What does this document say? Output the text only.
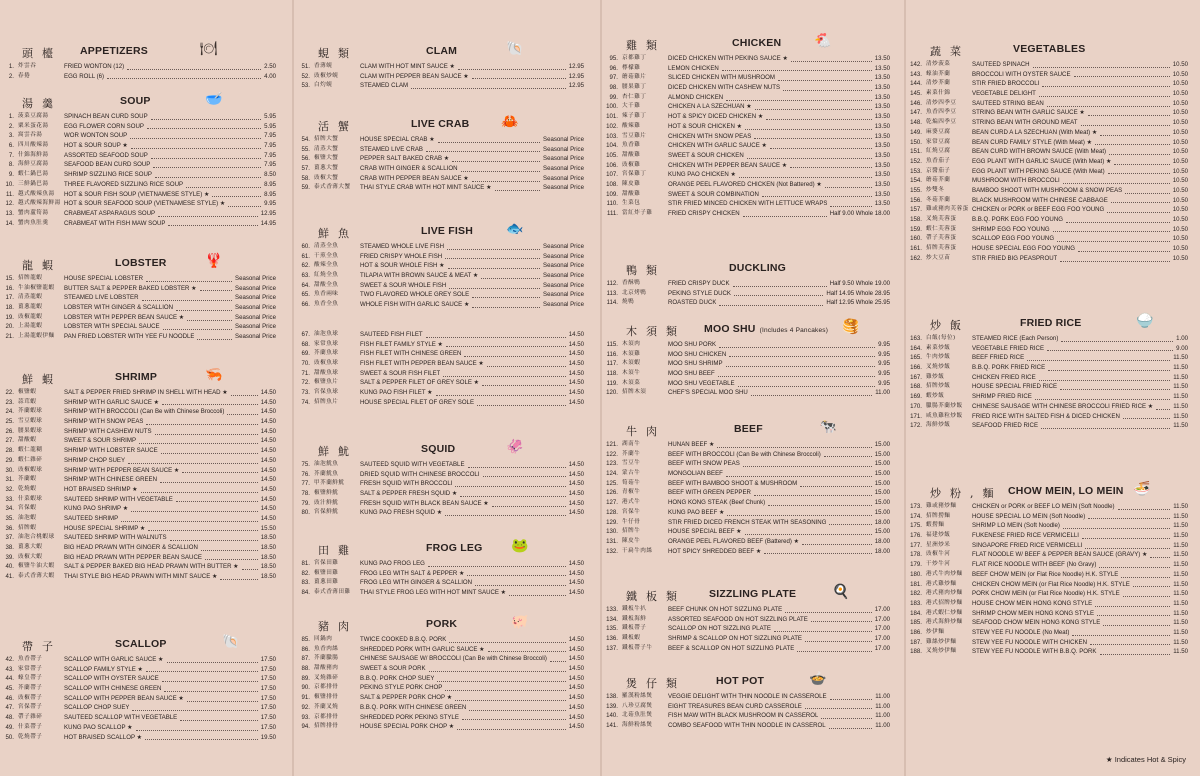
頭檯 APPETIZERS	🍽
1. 炸雲吞	FRIED WONTON (12)	2.50
2. 春捲	EGG ROLL (6)	4.00
湯羹	SOUP	🥣
1. 菠菜豆腐湯	SPINACH BEAN CURD SOUP	5.95
2. 粟米蛋花湯	EGG FLOWER CORN SOUP	5.95
3. 窩雲吞湯	WOR WONTON SOUP	7.95
6. 四川酸辣湯	HOT & SOUR SOUP ★	7.95
7. 什錦海鮮湯	ASSORTED SEAFOOD SOUP	7.95
8. 海鮮豆腐湯	SEAFOOD BEAN CURD SOUP	7.95
9. 蝦仁鍋巴湯	SHRIMP SIZZLING RICE SOUP	8.50
10. 三鮮鍋巴湯	THREE FLAVORED SIZZLING RICE SOUP	8.95
11. 越式酸辣魚湯	HOT & SOUR FISH SOUP (VIETNAMESE STYLE) ★	8.95
12. 越式酸辣海鮮湯 HOT & SOUR SEAFOOD SOUP (VIETNAMESE STYLE) ★	9.95
13. 蟹肉蘆筍湯	CRABMEAT ASPARAGUS SOUP	12.95
14. 蟹肉魚肚羹	CRABMEAT WITH FISH MAW SOUP	14.95
龍蝦	LOBSTER	🦞
15. 招牌龍蝦	HOUSE SPECIAL LOBSTER	Seasonal Price
16. 牛油椒鹽龍蝦	BUTTER SALT & PEPPER BAKED LOBSTER ★	Seasonal Price
17. 清蒸龍蝦	STEAMED LIVE LOBSTER	Seasonal Price
18. 薑葱龍蝦	LOBSTER WITH GINGER & SCALLION	Seasonal Price
19. 豉椒龍蝦	LOBSTER WITH PEPPER BEAN SAUCE ★	Seasonal Price
20. 上湯龍蝦	LOBSTER WITH SPECIAL SAUCE	Seasonal Price
21. 上湯龍蝦伊麵	PAN FRIED LOBSTER WITH YEE FU NOODLE	Seasonal Price
鮮蝦	SHRIMP	🦐
22. 椒鹽蝦	SALT & PEPPER FRIED SHRIMP IN SHELL WITH HEAD ★	14.50
23. 蒜茸蝦	SHRIMP WITH GARLIC SAUCE ★	14.50
24. 芥蘭蝦球	SHRIMP WITH BROCCOLI (Can Be with Chinese Broccoli)	14.50
25. 雪豆蝦球	SHRIMP WITH SNOW PEAS	14.50
26. 腰果蝦球	SHRIMP WITH CASHEW NUTS	14.50
27. 甜酸蝦	SWEET & SOUR SHRIMP	14.50
28. 蝦仁龍糊	SHRIMP WITH LOBSTER SAUCE	14.50
29. 蝦仁雜碎	SHRIMP CHOP SUEY	14.50
30. 豉椒蝦球	SHRIMP WITH PEPPER BEAN SAUCE ★	14.50
31. 芥蘭蝦	SHRIMP WITH CHINESE GREEN	14.50
32. 乾燒蝦	HOT BRAISED SHRIMP ★	14.50
33. 什菜蝦球	SAUTEED SHRIMP WITH VEGETABLE	14.50
34. 宮保蝦	KUNG PAO SHRIMP ★	14.50
35. 油泡蝦	SAUTEED SHRIMP	14.50
36. 招牌蝦	HOUSE SPECIAL SHRIMP ★	15.50
37. 油泡合桃蝦球	SAUTEED SHRIMP WITH WALNUTS	18.50
38. 薑葱大蝦	BIG HEAD PRAWN WITH GINGER & SCALLION	18.50
39. 豉椒大蝦	BIG HEAD PRAWN WITH PEPPER BEAN SAUCE	18.50
40. 椒鹽牛油大蝦	SALT & PEPPER BAKED BIG HEAD PRAWN WITH BUTTER ★	18.50
41. 泰式香薄大蝦	THAI STYLE BIG HEAD PRAWN WITH MINT SAUCE ★	18.50
帶子	SCALLOP	🐚
42. 魚香帶子	SCALLOP WITH GARLIC SAUCE ★	17.50
43. 家常帶子	SCALLOP FAMILY STYLE ★	17.50
44. 蠔皇帶子	SCALLOP WITH OYSTER SAUCE	17.50
45. 芥蘭帶子	SCALLOP WITH CHINESE GREEN	17.50
46. 豉椒帶子	SCALLOP WITH PEPPER BEAN SAUCE ★	17.50
47. 宮保帶子	SCALLOP CHOP SUEY	17.50
48. 帶子雜碎	SAUTEED SCALLOP WITH VEGETABLE	17.50
49. 什菜帶子	KUNG PAO SCALLOP ★	17.50
50. 乾燒帶子	HOT BRAISED SCALLOP ★	19.50
蜆類	CLAM	🐚
51. 香薄蜆	CLAM WITH HOT MINT SAUCE ★	12.95
52. 豉椒炒蜆	CLAM WITH PEPPER BEAN SAUCE ★	12.95
53. 白灼蜆	STEAMED CLAM	12.95
活蟹	LIVE CRAB 🦀
54. 招牌大蟹	HOUSE SPECIAL CRAB ★	Seasonal Price
55. 清蒸大蟹	STEAMED LIVE CRAB	Seasonal Price
56. 椒鹽大蟹	PEPPER SALT BAKED CRAB ★	Seasonal Price
57. 薑葱大蟹	CRAB WITH GINGER & SCALLION	Seasonal Price
58. 豉椒大蟹	CRAB WITH PEPPER BEAN SAUCE ★	Seasonal Price
59. 泰式香薄大蟹	THAI STYLE CRAB WITH HOT MINT SAUCE ★	Seasonal Price
鮮魚	LIVE FISH 🐟
60. 清蒸全魚	STEAMED WHOLE LIVE FISH	Seasonal Price
61. 干煎全魚	FRIED CRISPY WHOLE FISH	Seasonal Price
62. 酸辣全魚	HOT & SOUR WHOLE FISH ★	Seasonal Price
63. 紅燒全魚	TILAPIA WITH BROWN SAUCE & MEAT ★	Seasonal Price
64. 甜酸全魚	SWEET & SOUR WHOLE FISH	Seasonal Price
65. 魚香兩味	TWO FLAVORED WHOLE GREY SOLE	Seasonal Price
66. 魚香全魚	WHOLE FISH WITH GARLIC SAUCE ★	Seasonal Price
67. 油泡魚球	SAUTEED FISH FILET	14.50
68. 家常魚球	FISH FILET FAMILY STYLE ★	14.50
69. 芥蘭魚球	FISH FILET WITH CHINESE GREEN	14.50
70. 豉椒魚球	FISH FILET WITH PEPPER BEAN SAUCE ★	14.50
71. 甜酸魚球	SWEET & SOUR FISH FILET	14.50
72. 椒鹽魚片	SALT & PEPPER FILET OF GREY SOLE ★	14.50
73. 宮保魚球	KUNG PAO FISH FILET ★	14.50
74. 招牌魚片	HOUSE SPECIAL FILET OF GREY SOLE	14.50
鮮魷	SQUID	🦑
75. 油泡魷魚	SAUTEED SQUID WITH VEGETABLE	14.50
76. 芥蘭魷魚	DRIED SQUID WITH CHINESE BROCCOLI	14.50
77. 甲芥蘭鮮魷	FRESH SQUID WITH BROCCOLI	14.50
78. 椒鹽鮮魷	SALT & PEPPER FRESH SQUID ★	14.50
79. 豉汁鮮魷	FRESH SQUID WITH BLACK BEAN SAUCE ★	14.50
80. 宮保鮮魷	KUNG PAO FRESH SQUID ★	14.50
田雞	FROG LEG 🐸
81. 宮保田雞	KUNG PAO FROG LEG	14.50
82. 椒鹽田雞	FROG LEG WITH SALT & PEPPER ★	14.50
83. 薑葱田雞	FROG LEG WITH GINGER & SCALLION	14.50
84. 泰式香薄田雞	THAI STYLE FROG LEG WITH HOT MINT SAUCE ★	14.50
豬肉	PORK	🐖
85. 回鍋肉	TWICE COOKED B.B.Q. PORK	14.50
86. 魚香肉絲	SHREDDED PORK WITH GARLIC SAUCE ★	14.50
87. 芥蘭臘腸	CHINESE SAUSAGE W/ BROCCOLI (Can Be with Chinese Broccoli)	14.50
88. 甜酸豬肉	SWEET & SOUR PORK	14.50
89. 叉燒雜碎	B.B.Q. PORK CHOP SUEY	14.50
90. 京都排骨	PEKING STYLE PORK CHOP	14.50
91. 椒鹽排骨	SALT & PEPPER PORK CHOP ★	14.50
92. 芥蘭叉燒	B.B.Q. PORK WITH CHINESE GREEN	14.50
93. 京都排骨	SHREDDED PORK PEKING STYLE	14.50
94. 招牌排骨	HOUSE SPECIAL PORK CHOP ★	14.50
雞類	CHICKEN 🐔
95. 京都雞丁	DICED CHICKEN WITH PEKING SAUCE ★	13.50
96. 檸檬雞	LEMON CHICKEN	13.50
97. 蘑菇雞片	SLICED CHICKEN WITH MUSHROOM	13.50
98. 腰果雞丁	DICED CHICKEN WITH CASHEW NUTS	13.50
99. 杏仁雞丁	ALMOND CHICKEN	13.50
100. 大千雞	CHICKEN A LA SZECHUAN ★	13.50
101. 辣子雞丁	HOT & SPICY DICED CHICKEN ★	13.50
102. 酸辣雞	HOT & SOUR CHICKEN ★	13.50
103. 雪豆雞片	CHICKEN WITH SNOW PEAS	13.50
104. 魚香雞	CHICKEN WITH GARLIC SAUCE ★	13.50
105. 甜酸雞	SWEET & SOUR CHICKEN	13.50
106. 豉椒雞	CHICKEN WITH PEPPER BEAN SAUCE ★	13.50
107. 宮保雞丁	KUNG PAO CHICKEN ★	13.50
108. 陳皮雞	ORANGE PEEL FLAVORED CHICKEN (Not Battered) ★	13.50
109. 甜酸雞	SWEET & SOUR COMBINATION	13.50
110. 生菜包	STIR FRIED MINCED CHICKEN WITH LETTUCE WRAPS	13.50
111. 當紅炸子雞	FRIED CRISPY CHICKEN	Half 9.00 Whole 18.00
鴨類	DUCKLING
112. 香酥鴨	FRIED CRISPY DUCK	Half 9.50 Whole 19.00
113. 北京烤鴨	PEKING STYLE DUCK	Half 14.95 Whole 28.95
114. 燒鴨	ROASTED DUCK	Half 12.95 Whole 25.95
木須類 MOO SHU (Includes 4 Pancakes) 🥞
115. 木須肉	MOO SHU PORK	9.95
116. 木須雞	MOO SHU CHICKEN	9.95
117. 木須蝦	MOO SHU SHRIMP	9.95
118. 木須牛	MOO SHU BEEF	9.95
119. 木須菜	MOO SHU VEGETABLE	9.95
120. 招牌木須	CHEF'S SPECIAL MOO SHU	11.00
牛肉	BEEF	🐄
121. 湖南牛	HUNAN BEEF ★	15.00
122. 芥蘭牛	BEEF WITH BROCCOLI (Can Be with Chinese Broccoli)	15.00
123. 雪豆牛	BEEF WITH SNOW PEAS	15.00
124. 蒙古牛	MONGOLIAN BEEF	15.00
125. 筍菇牛	BEEF WITH BAMBOO SHOOT & MUSHROOM	15.00
126. 青椒牛	BEEF WITH GREEN PEPPER	15.00
127. 港式牛	HONG KONG STEAK (Beef Chunk)	15.00
128. 宮保牛	KUNG PAO BEEF ★	15.00
129. 牛仔骨	STIR FRIED DICED FRENCH STEAK WITH SEASONING	18.00
130. 招牌牛	HOUSE SPECIAL BEEF ★	15.00
131. 陳皮牛	ORANGE PEEL FLAVORED BEEF (Battered) ★	18.00
132. 干扁牛肉絲	HOT SPICY SHREDDED BEEF ★	18.00
鐵板類 SIZZLING PLATE	🍳
133. 鐵板牛扒	BEEF CHUNK ON HOT SIZZLING PLATE	17.00
134. 鐵板海鮮	ASSORTED SEAFOOD ON HOT SIZZLING PLATE	17.00
135. 鐵板帶子	SCALLOP ON HOT SIZZLING PLATE	17.00
136. 鐵板蝦	SHRIMP & SCALLOP ON HOT SIZZLING PLATE	17.00
137. 鐵板帶子牛	BEEF & SCALLOP ON HOT SIZZLING PLATE	17.00
煲仔類	HOT POT	🍲
138. 羅漢粉絲煲	VEGGIE DELIGHT WITH THIN NOODLE IN CASSEROLE	11.00
139. 八珍豆腐煲	EIGHT TREASURES BEAN CURD CASSEROLE	11.00
140. 北菇魚肚煲	FISH MAW WITH BLACK MUSHROOM IN CASSEROL	11.00
141. 海鮮粉絲煲	COMBO SEAFOOD WITH THIN NOODLE IN CASSEROL	11.00
蔬菜	VEGETABLES
142. 清炒菠菜	SAUTEED SPINACH	10.50
143. 蠔油芥蘭	BROCCOLI WITH OYSTER SAUCE	10.50
144. 清炒芥蘭	STIR FRIED BROCCOLI	10.50
145. 素菜什錦	VEGETABLE DELIGHT	10.50
146. 清炒四季豆	SAUTEED STRING BEAN	10.50
147. 魚香四季豆	STRING BEAN WITH GARLIC SAUCE ★	10.50
148. 乾煸四季豆	STRING BEAN WITH GROUND MEAT	10.50
149. 麻婆豆腐	BEAN CURD A LA SZECHUAN (With Meat) ★	10.50
150. 家常豆腐	BEAN CURD FAMILY STYLE (With Meat) ★	10.50
151. 紅燒豆腐	BEAN CURD WITH BROWN SAUCE (With Meat)	10.50
152. 魚香茄子	EGG PLANT WITH GARLIC SAUCE (With Meat) ★	10.50
153. 京醬茄子	EGG PLANT WITH PEKING SAUCE (With Meat)	10.50
154. 蘑菇芥蘭	MUSHROOM WITH BROCCOLI	10.50
155. 炒雙冬	BAMBOO SHOOT WITH MUSHROOM & SNOW PEAS	10.50
156. 冬菇芥蘭	BLACK MUSHROOM WITH CHINESE CABBAGE	10.50
157. 雞或豬肉芙蓉蛋 CHICKEN or PORK or BEEF EGG FOO YOUNG	10.50
158. 叉燒芙蓉蛋	B.B.Q. PORK EGG FOO YOUNG	10.50
159. 蝦仁芙蓉蛋	SHRIMP EGG FOO YOUNG	10.50
160. 帶子芙蓉蛋	SCALLOP EGG FOO YOUNG	10.50
161. 招牌芙蓉蛋	HOUSE SPECIAL EGG FOO YOUNG	10.50
162. 炒大豆苗	STIR FRIED BIG PEASPROUT	10.50
炒飯	FRIED RICE	🍚
163. 白飯(每位)	STEAMED RICE (Each Person)	1.00
164. 素菜炒飯	VEGETABLE FRIED RICE	9.00
165. 牛肉炒飯	BEEF FRIED RICE	11.50
166. 叉燒炒飯	B.B.Q. PORK FRIED RICE	11.50
167. 雞炒飯	CHICKEN FRIED RICE	11.50
168. 招牌炒飯	HOUSE SPECIAL FRIED RICE	11.50
169. 蝦炒飯	SHRIMP FRIED RICE	11.50
170. 臘腸芥蘭炒飯	CHINESE SAUSAGE WITH CHINESE BROCCOLI FRIED RICE ★	11.50
171. 咸魚雞粒炒飯	FRIED RICE WITH SALTED FISH & DICED CHICKEN	11.50
172. 海鮮炒飯	SEAFOOD FRIED RICE	11.50
炒粉,麵 CHOW MEIN, LO MEIN 🍜
173. 雞或豬炒麵	CHICKEN or PORK or BEEF LO MEIN (Soft Noodle)	11.50
174. 招牌撈麵	HOUSE SPECIAL LO MEIN (Soft Noodle)	11.50
175. 蝦撈麵	SHRIMP LO MEIN (Soft Noodle)	11.50
176. 福建炒飯	FUKENESE FRIED RICE VERMICELLI	11.50
177. 星洲炒米	SINGAPORE FRIED RICE VERMICELLI	11.50
178. 豉椒牛河	FLAT NOODLE W/ BEEF & PEPPER BEAN SAUCE (GRAVY) ★	11.50
179. 干炒牛河	FLAT RICE NOODLE WITH BEEF (No Gravy)	11.50
180. 港式牛肉炒麵	BEEF CHOW MEIN (or Flat Rice Noodle) H.K. STYLE	11.50
181. 港式雞炒麵	CHICKEN CHOW MEIN (or Flat Rice Noodle) H.K. STYLE	11.50
182. 港式豬肉炒麵	PORK CHOW MEIN (or Flat Rice Noodle) H.K. STYLE	11.50
183. 港式招牌炒麵	HOUSE CHOW MEIN HONG KONG STYLE	11.50
184. 港式蝦仁炒麵	SHRIMP CHOW MEIN HONG KONG STYLE	11.50
185. 港式海鮮炒麵	SEAFOOD CHOW MEIN HONG KONG STYLE	11.50
186. 炒伊麵	STEW YEE FU NOODLE (No Meat)	11.50
187. 雞絲炒伊麵	STEW YEE FU NOODLE WITH CHICKEN	11.50
188. 叉燒炒伊麵	STEW YEE FU NOODLE WITH B.B.Q. PORK	11.50
★ Indicates Hot & Spicy
